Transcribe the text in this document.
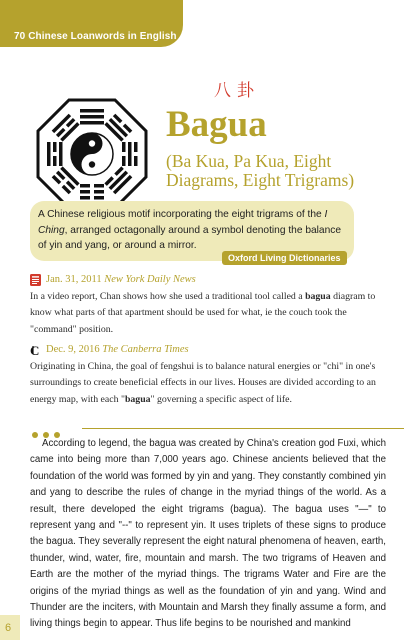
70 Chinese Loanwords in English
八卦
Bagua
(Ba Kua, Pa Kua, Eight Diagrams, Eight Trigrams)
A Chinese religious motif incorporating the eight trigrams of the I Ching, arranged octagonally around a symbol denoting the balance of yin and yang, or around a mirror.
Oxford Living Dictionaries
Jan. 31, 2011 New York Daily News
In a video report, Chan shows how she used a traditional tool called a bagua diagram to know what parts of that apartment should be used for what, ie the couch took the "command" position.
C Dec. 9, 2016 The Canberra Times
Originating in China, the goal of fengshui is to balance natural energies or "chi" in one's surroundings to create beneficial effects in our lives. Houses are divided according to an energy map, with each "bagua" governing a specific aspect of life.

According to legend, the bagua was created by China's creation god Fuxi, which came into being more than 7,000 years ago. Chinese ancients believed that the foundation of the world was formed by yin and yang. They constantly combined yin and yang to describe the rules of change in the myriad things of the world. As a result, there developed the eight trigrams (bagua). The bagua uses "—" to represent yang and "--" to represent yin. It uses triplets of these signs to produce the bagua. They severally represent the eight natural phenomena of heaven, earth, thunder, wind, water, fire, mountain and marsh. The two trigrams of Heaven and Earth are the mother of the myriad things. The trigrams Water and Fire are the origins of the myriad things as well as the foundation of yin and yang. Wind and Thunder are the inciters, with Mountain and Marsh they finally assume a form, and living things begin to appear. Thus life begins to be nourished and mankind

6
